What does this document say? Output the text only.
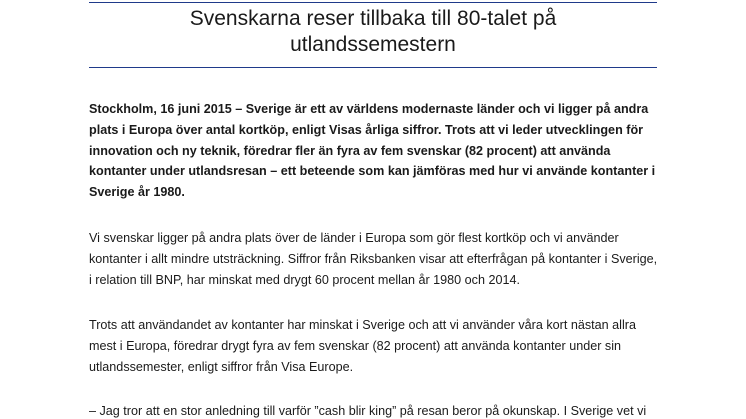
Svenskarna reser tillbaka till 80-talet på
utlandssemestern

Stockholm, 16 juni 2015 – Sverige är ett av världens modernaste länder och vi ligger på andra
plats i Europa över antal kortköp, enligt Visas årliga siffror. Trots att vi leder utvecklingen för
innovation och ny teknik, föredrar fler än fyra av fem svenskar (82 procent) att använda
kontanter under utlandsresan – ett beteende som kan jämföras med hur vi använde kontanter i
Sverige år 1980.

Vi svenskar ligger på andra plats över de länder i Europa som gör flest kortköp och vi använder
kontanter i allt mindre utsträckning. Siffror från Riksbanken visar att efterfrågan på kontanter i Sverige,
i relation till BNP, har minskat med drygt 60 procent mellan år 1980 och 2014.

Trots att användandet av kontanter har minskat i Sverige och att vi använder våra kort nästan allra
mest i Europa, föredrar drygt fyra av fem svenskar (82 procent) att använda kontanter under sin
utlandssemester, enligt siffror från Visa Europe.

– Jag tror att en stor anledning till varför ”cash blir king” på resan beror på okunskap. I Sverige vet vi
